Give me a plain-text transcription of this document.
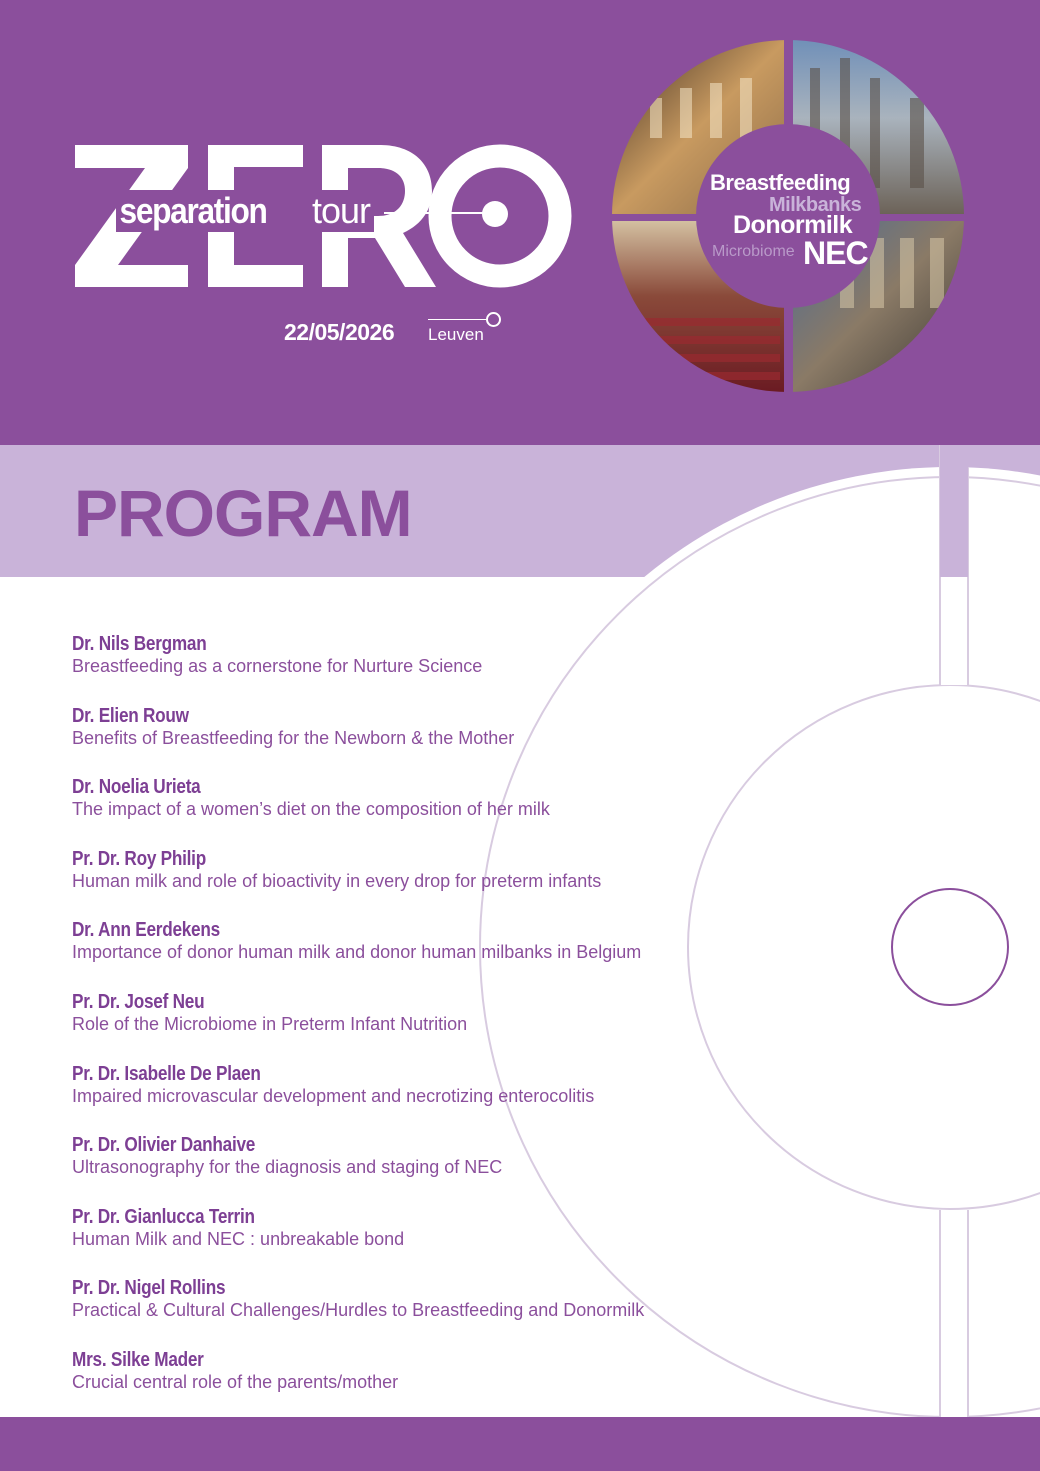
separation tour
22/05/2026 Leuven
Breastfeeding
Milkbanks
Donormilk
Microbiome NEC
PROGRAM
Dr. Nils Bergman
Breastfeeding as a cornerstone for Nurture Science
Dr. Elien Rouw
Benefits of Breastfeeding for the Newborn & the Mother
Dr. Noelia Urieta
The impact of a women’s diet on the composition of her milk
Pr. Dr. Roy Philip
Human milk and role of bioactivity in every drop for preterm infants
Dr. Ann Eerdekens
Importance of donor human milk and donor human milbanks in Belgium
Pr. Dr. Josef Neu
Role of the Microbiome in Preterm Infant Nutrition
Pr. Dr. Isabelle De Plaen
Impaired microvascular development and necrotizing enterocolitis
Pr. Dr. Olivier Danhaive
Ultrasonography for the diagnosis and staging of NEC
Pr. Dr. Gianlucca Terrin
Human Milk and NEC : unbreakable bond
Pr. Dr. Nigel Rollins
Practical & Cultural Challenges/Hurdles to Breastfeeding and Donormilk
Mrs. Silke Mader
Crucial central role of the parents/mother
